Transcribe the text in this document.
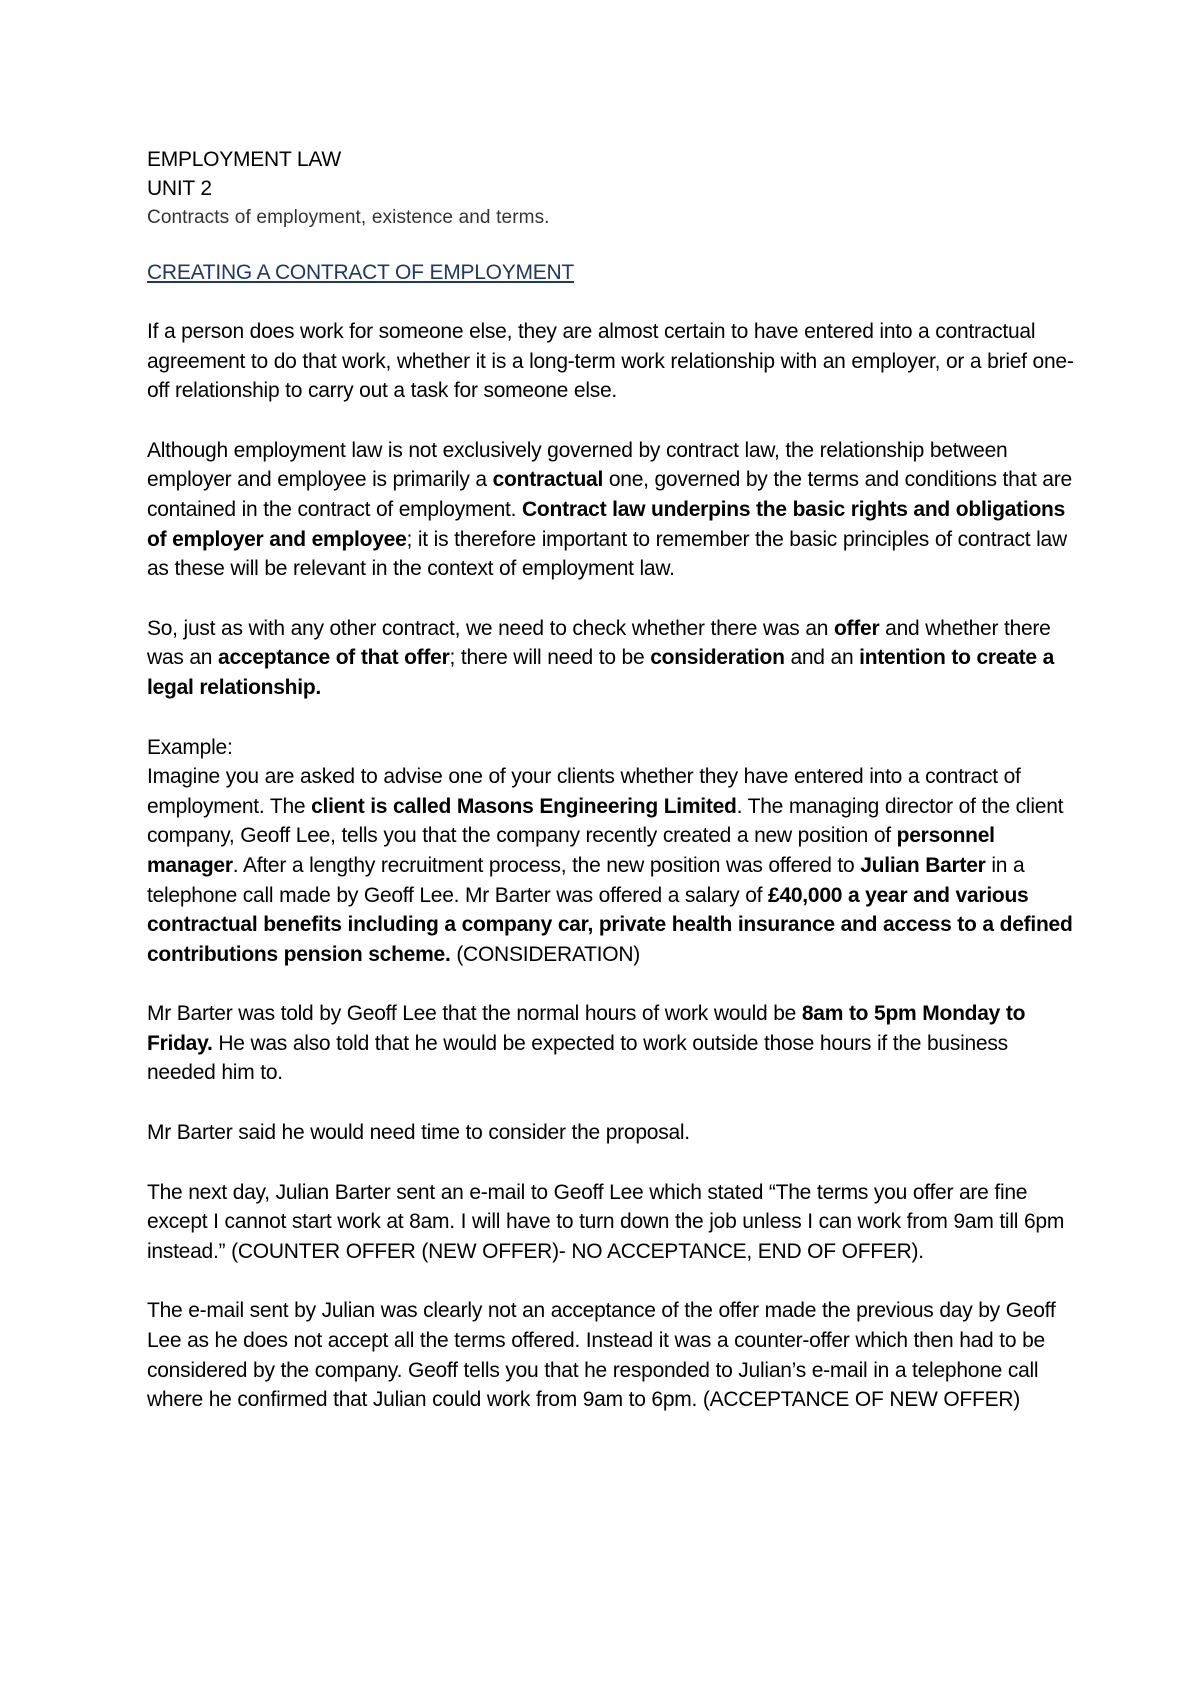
EMPLOYMENT LAW

UNIT 2

Contracts of employment, existence and terms.

CREATING A CONTRACT OF EMPLOYMENT

If a person does work for someone else, they are almost certain to have entered into a contractual agreement to do that work, whether it is a long-term work relationship with an employer, or a brief one-off relationship to carry out a task for someone else.

Although employment law is not exclusively governed by contract law, the relationship between employer and employee is primarily a contractual one, governed by the terms and conditions that are contained in the contract of employment. Contract law underpins the basic rights and obligations of employer and employee; it is therefore important to remember the basic principles of contract law as these will be relevant in the context of employment law.

So, just as with any other contract, we need to check whether there was an offer and whether there was an acceptance of that offer; there will need to be consideration and an intention to create a legal relationship.

Example:

Imagine you are asked to advise one of your clients whether they have entered into a contract of employment. The client is called Masons Engineering Limited. The managing director of the client company, Geoff Lee, tells you that the company recently created a new position of personnel manager. After a lengthy recruitment process, the new position was offered to Julian Barter in a telephone call made by Geoff Lee. Mr Barter was offered a salary of £40,000 a year and various contractual benefits including a company car, private health insurance and access to a defined contributions pension scheme. (CONSIDERATION)

Mr Barter was told by Geoff Lee that the normal hours of work would be 8am to 5pm Monday to Friday. He was also told that he would be expected to work outside those hours if the business needed him to.

Mr Barter said he would need time to consider the proposal.

The next day, Julian Barter sent an e-mail to Geoff Lee which stated “The terms you offer are fine except I cannot start work at 8am. I will have to turn down the job unless I can work from 9am till 6pm instead.” (COUNTER OFFER (NEW OFFER)- NO ACCEPTANCE, END OF OFFER).

The e-mail sent by Julian was clearly not an acceptance of the offer made the previous day by Geoff Lee as he does not accept all the terms offered. Instead it was a counter-offer which then had to be considered by the company. Geoff tells you that he responded to Julian’s e-mail in a telephone call where he confirmed that Julian could work from 9am to 6pm. (ACCEPTANCE OF NEW OFFER)
